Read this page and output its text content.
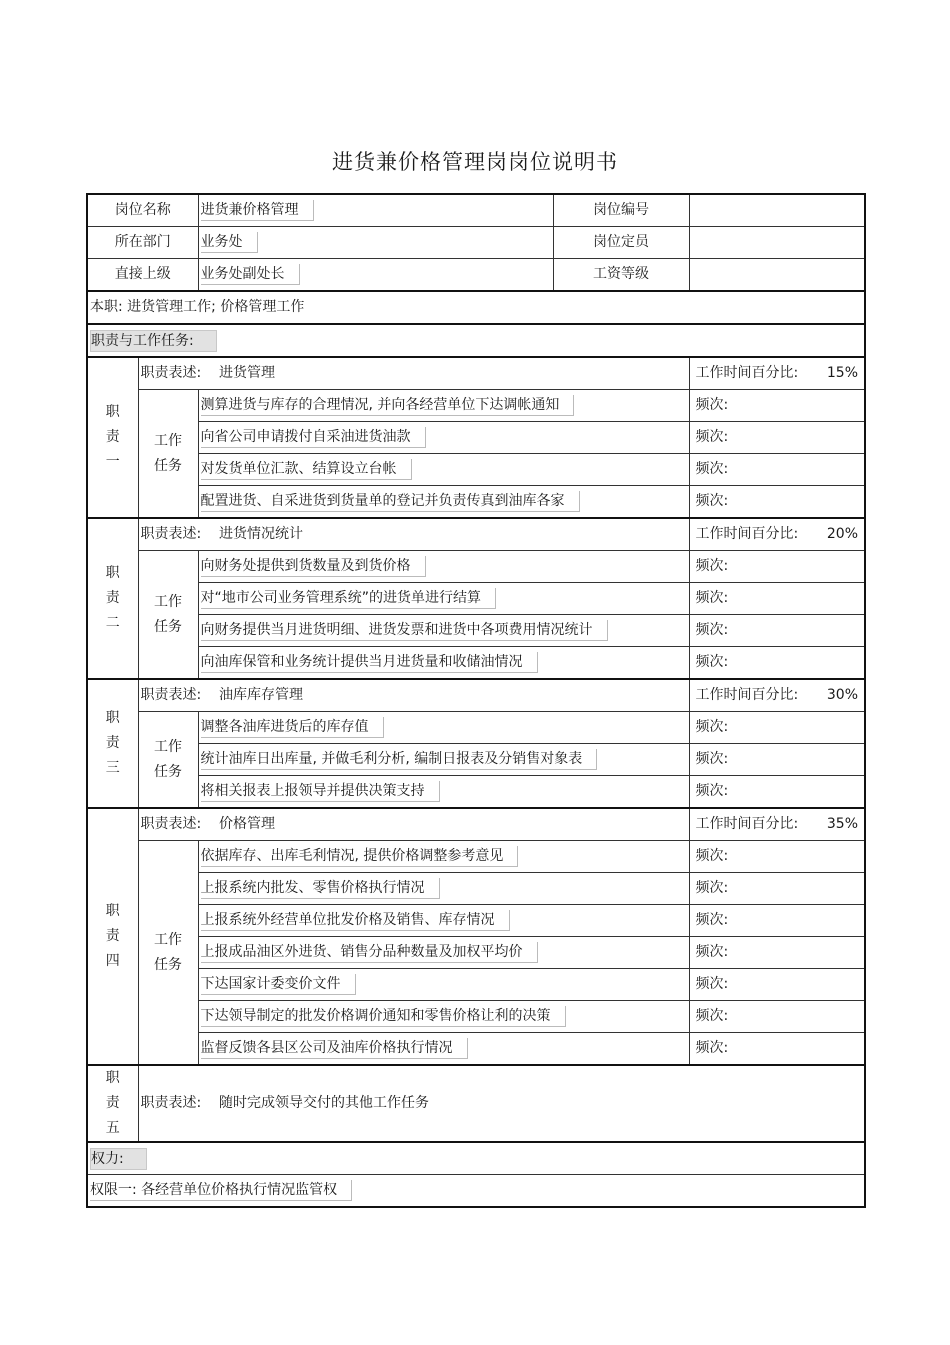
进货兼价格管理岗岗位说明书
岗位名称		进货兼价格管理	岗位编号	
所在部门		业务处	岗位定员	
直接上级		业务处副处长	工资等级	
本职: 进货管理工作; 价格管理工作				
职责与工作任务:				
职
责
一	职责表述: 进货管理			工作时间百分比: 15%

	工作
任务	测算进货与库存的合理情况, 并向各经营单位下达调帐通知		频次:
		向省公司申请拨付自采油进货油款		频次:
		对发货单位汇款、结算设立台帐		频次:
		配置进货、自采进货到货量单的登记并负责传真到油库各家		频次:
职
责
二	职责表述: 进货情况统计			工作时间百分比: 20%

	工作
任务	向财务处提供到货数量及到货价格		频次:
		对“地市公司业务管理系统”的进货单进行结算		频次:
		向财务提供当月进货明细、进货发票和进货中各项费用情况统计		频次:
		向油库保管和业务统计提供当月进货量和收储油情况		频次:
职
责
三	职责表述: 油库库存管理			工作时间百分比: 30%

	工作
任务	调整各油库进货后的库存值		频次:
		统计油库日出库量, 并做毛利分析, 编制日报表及分销售对象表		频次:
		将相关报表上报领导并提供决策支持		频次:
职
责
四	职责表述: 价格管理			工作时间百分比: 35%

	工作
任务	依据库存、出库毛利情况, 提供价格调整参考意见		频次:
		上报系统内批发、零售价格执行情况		频次:
		上报系统外经营单位批发价格及销售、库存情况		频次:
		上报成品油区外进货、销售分品种数量及加权平均价		频次:
		下达国家计委变价文件		频次:
		下达领导制定的批发价格调价通知和零售价格让利的决策		频次:
		监督反馈各县区公司及油库价格执行情况		频次:
职
责
五	职责表述: 随时完成领导交付的其他工作任务			
权力:				
权限一: 各经营单位价格执行情况监管权				
